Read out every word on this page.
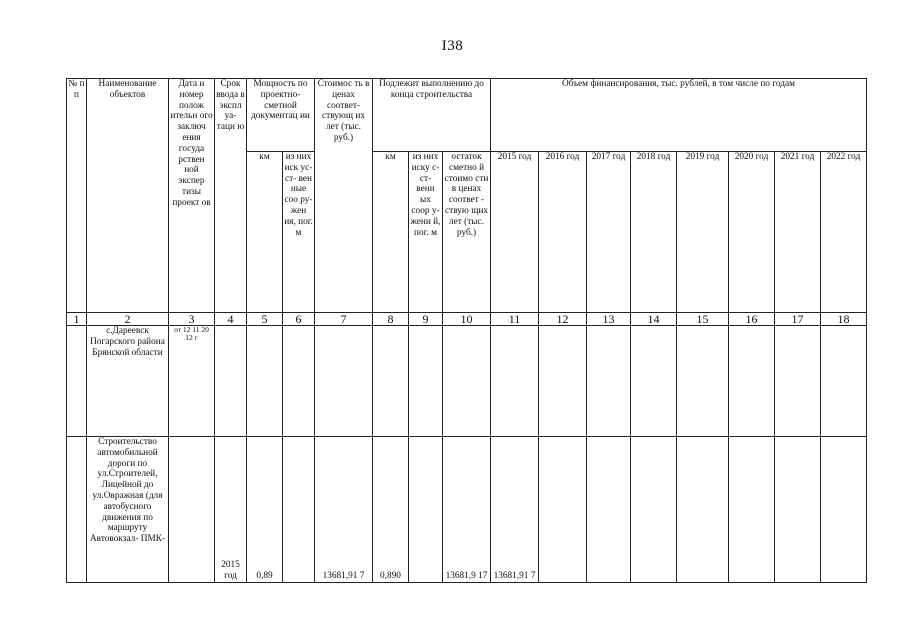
I38
№ п п	Наименование объектов	Дата и номер полож ительн ого заключ ения госуда рствен ной экспер тизы проект ов	Срок ввода в экспл уа- таци ю	Мощность по проектно- сметной документац ии		Стоимос ть в ценах соответ- ствующ их лет (тыс. руб.)	Подлежит выполнению до конца строительства			Объем финансирования, тыс. рублей, в том числе по годам							
				км	из них иск ус- ст- вен ные соо ру- жен ия, пог. м		км	из них иску с-ст- венн ых соор у- жени й, пог. м	остаток сметно й стоимо сти в ценах соответ - ствую щих лет (тыс. руб.)	2015 год	2016 год	2017 год	2018 год	2019 год	2020 год	2021 год	2022 год
1	2	3	4	5	6	7	8	9	10	11	12	13	14	15	16	17	18
	с.Дареевск Погарского района Брянской области	от 12 11 20 12 г															
	Строительство автомобильной дороги по ул.Строителей, Лицейной до ул.Овражная (для автобусного движения по маршруту Автовокзал- ПМК-		2015 год	0,89		13681,91 7	0,890		13681,9 17	13681,91 7							
